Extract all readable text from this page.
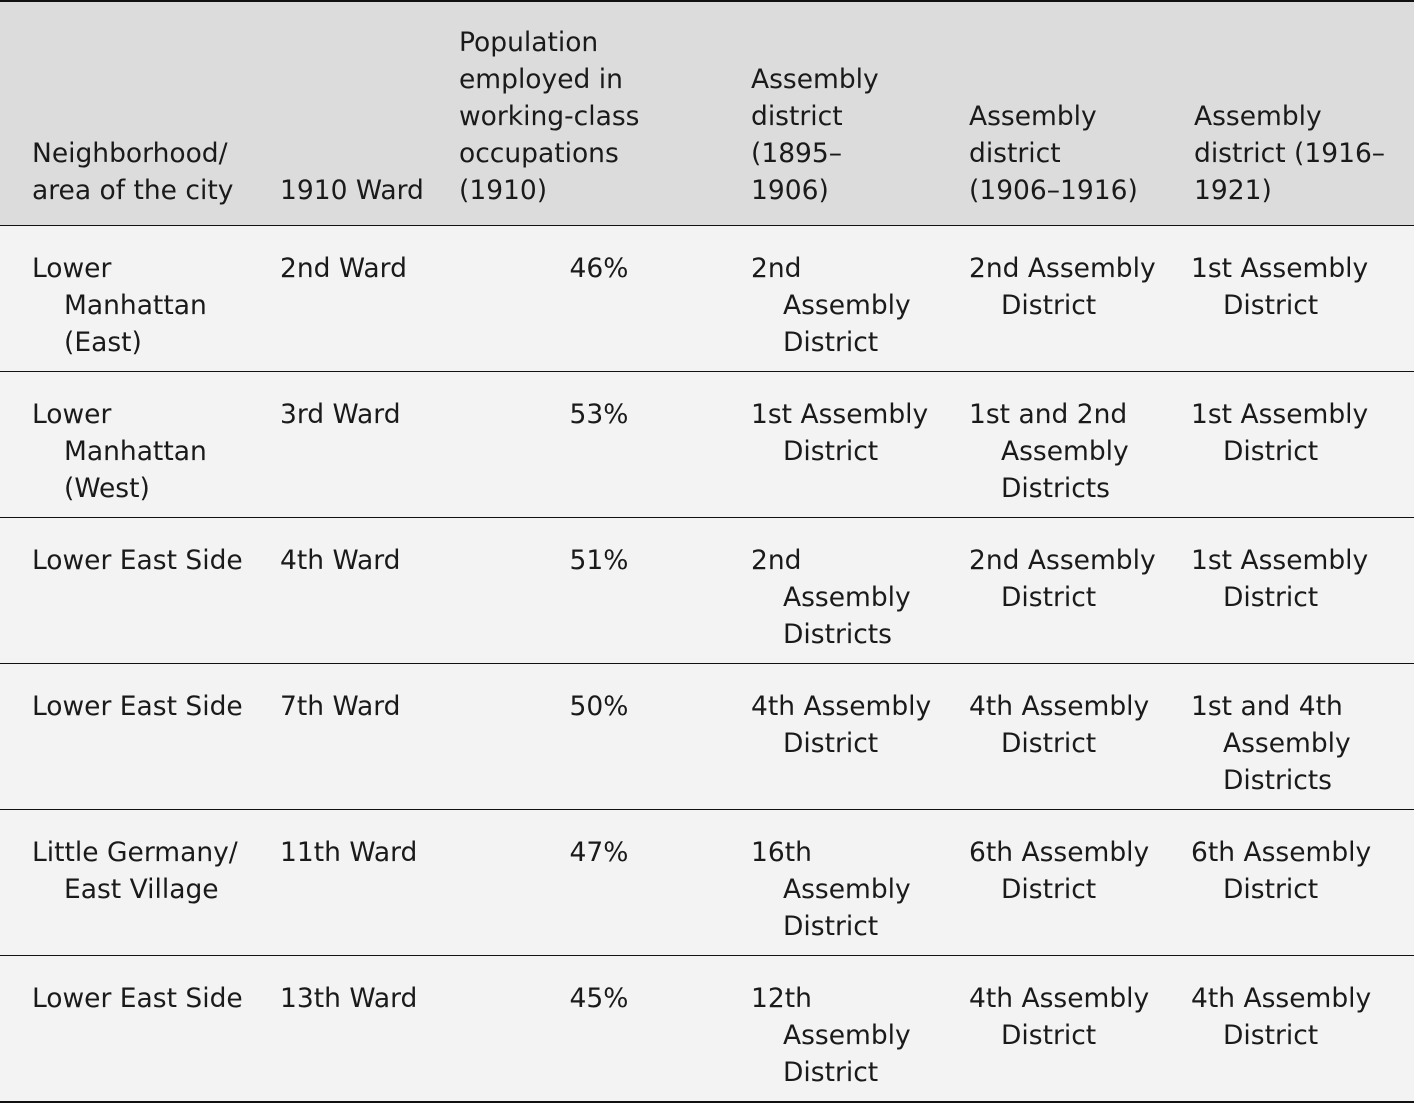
Neighborhood/ area of the city	1910 Ward	Population employed in working-class occupations (1910)	Assembly district (1895–1906)	Assembly district (1906–1916)	Assembly district (1916–1921)

Lower Manhattan (East)	2nd Ward	46%	2nd Assembly District	2nd Assembly District	1st Assembly District

Lower Manhattan (West)	3rd Ward	53%	1st Assembly District	1st and 2nd Assembly Districts	1st Assembly District

Lower East Side	4th Ward	51%	2nd Assembly Districts	2nd Assembly District	1st Assembly District

Lower East Side	7th Ward	50%	4th Assembly District	4th Assembly District	1st and 4th Assembly Districts

Little Germany/ East Village	11th Ward	47%	16th Assembly District	6th Assembly District	6th Assembly District

Lower East Side	13th Ward	45%	12th Assembly District	4th Assembly District	4th Assembly District
